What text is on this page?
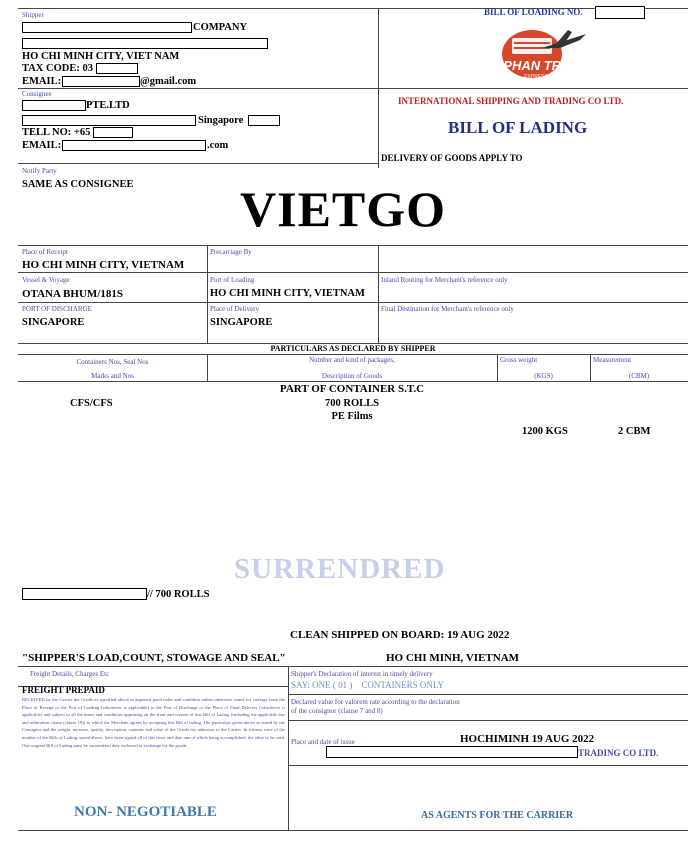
Shipper
COMPANY
HO CHI MINH CITY, VIET NAM
TAX CODE: 03
EMAIL:	@gmail.com
BILL OF LOADING NO.
PHAN TRI
EXPRESS
INTERNATIONAL SHIPPING AND TRADING CO LTD.
BILL OF LADING
DELIVERY OF GOODS APPLY TO
Consignee
PTE.LTD
Singapore
TELL NO: +65
EMAIL:	.com
Notify Party
SAME AS CONSIGNEE VIETGO
Place of Receipt
HO CHI MINH CITY, VIETNAM
Precarriage By
Vessel & Voyage
OTANA BHUM/181S
Port of Loading
HO CHI MINH CITY, VIETNAM
Inland Routing for Merchant's reference only
PORT OF DISCHARGE
SINGAPORE
Place of Delivery
SINGAPORE
Final Destination for Merchant's reference only
PARTICULARS AS DECLARED BY SHIPPER
Containers Nos, Seal Nos
Marks and Nos
Number and kind of packages,
Description of Goods
Gross weight
(KGS)
Measurement
(CBM)
PART OF CONTAINER S.T.C
CFS/CFS	700 ROLLS
PE Films
1200 KGS	2 CBM
SURRENDRED
// 700 ROLLS
CLEAN SHIPPED ON BOARD: 19 AUG 2022
"SHIPPER'S LOAD,COUNT, STOWAGE AND SEAL"	HO CHI MINH, VIETNAM
Freight Details, Charges Etc
FREIGHT PREPAID
RECEIVED by the Carrier the Goods as specified above in apparent good order and condition unless otherwise stated for carriage from the Place of Receipt or the Port of Loading (whichever is applicable) to the Port of Discharge or the Place of Final Delivery (whichever is applicable) and subject to all the terms and conditions appearing on the front and reverse of this Bill of Lading (including the applicable law and arbitration clause (clause 19)) to which the Merchant agrees by accepting this Bill of lading. The particulars given above as stated by the Consignor and the weight, measure, quality, description, contents and value of the Goods are unknown to the Carrier. In witness were of the number of the Bills of Lading, stated above, have been signed all of this tenor and date one of which being accomplished, the other to be void. One original Bill of Lading must be surrendered duly endorsed in exchange for the goods.
NON- NEGOTIABLE
Shipper's Declaration of interest in timely delivery
SAY: ONE ( 01 )    CONTAINERS ONLY
Declared value for valorem rate according to the declaration
of the consignor (clause 7 and 8)
Place and date of issue	HOCHIMINH 19 AUG 2022
TRADING CO LTD.
AS AGENTS FOR THE CARRIER
